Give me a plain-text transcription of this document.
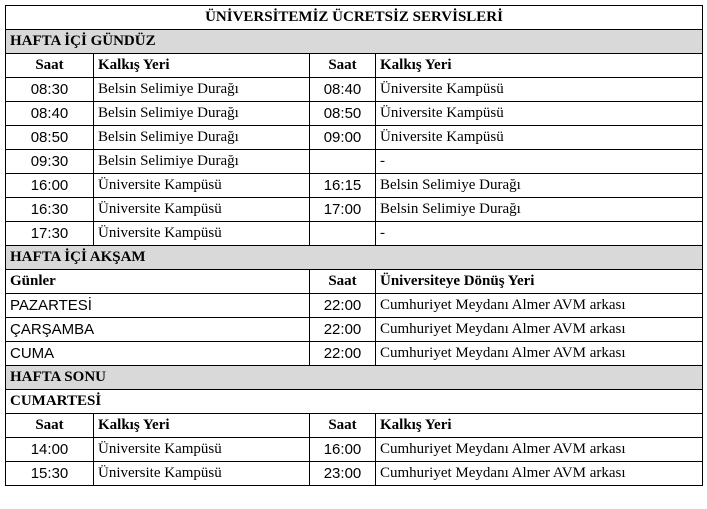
ÜNİVERSİTEMİZ ÜCRETSİZ SERVİSLERİ			
HAFTA İÇİ GÜNDÜZ			
Saat	Kalkış Yeri	Saat	Kalkış Yeri
08:30	Belsin Selimiye Durağı	08:40	Üniversite Kampüsü
08:40	Belsin Selimiye Durağı	08:50	Üniversite Kampüsü
08:50	Belsin Selimiye Durağı	09:00	Üniversite Kampüsü
09:30	Belsin Selimiye Durağı		-
16:00	Üniversite Kampüsü	16:15	Belsin Selimiye Durağı
16:30	Üniversite Kampüsü	17:00	Belsin Selimiye Durağı
17:30	Üniversite Kampüsü		-
HAFTA İÇİ AKŞAM			
Günler		Saat	Üniversiteye Dönüş Yeri
PAZARTESİ		22:00	Cumhuriyet Meydanı Almer AVM arkası
ÇARŞAMBA		22:00	Cumhuriyet Meydanı Almer AVM arkası
CUMA		22:00	Cumhuriyet Meydanı Almer AVM arkası
HAFTA SONU			
CUMARTESİ			
Saat	Kalkış Yeri	Saat	Kalkış Yeri
14:00	Üniversite Kampüsü	16:00	Cumhuriyet Meydanı Almer AVM arkası
15:30	Üniversite Kampüsü	23:00	Cumhuriyet Meydanı Almer AVM arkası
